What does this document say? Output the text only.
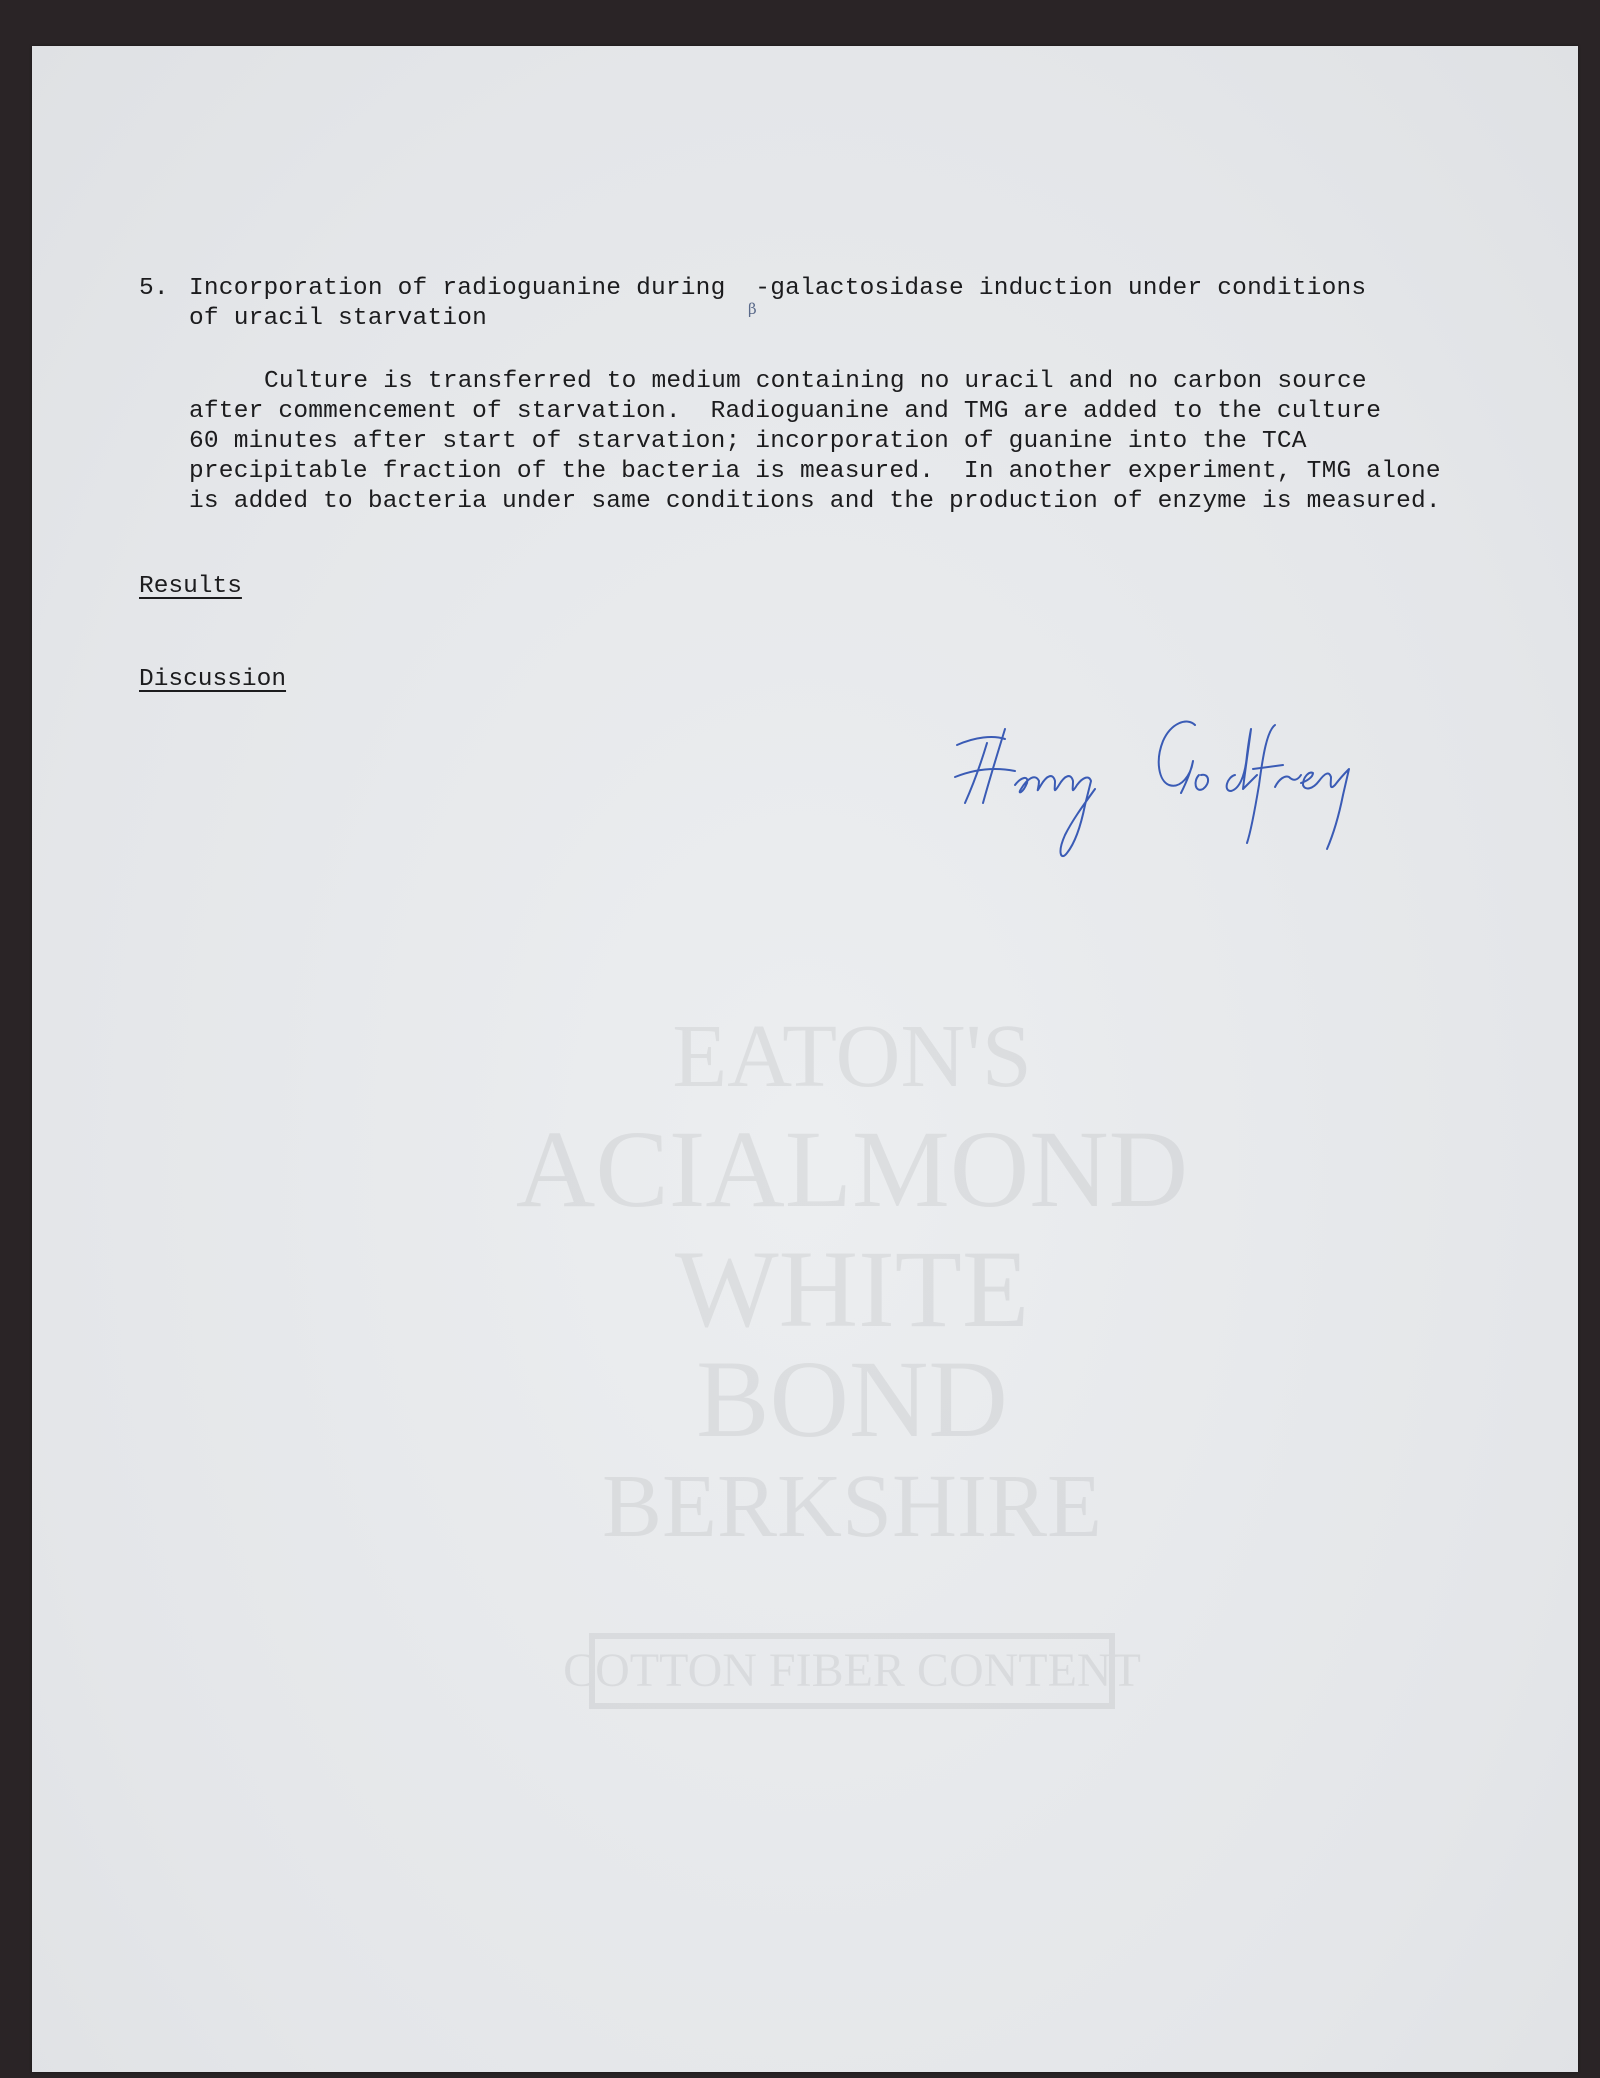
EATON'S
ACIALMOND
WHITE
BOND
BERKSHIRE
COTTON FIBER CONTENT
5. Incorporation of radioguanine during  -galactosidase induction under conditions
β
of uracil starvation
Culture is transferred to medium containing no uracil and no carbon source
after commencement of starvation.  Radioguanine and TMG are added to the culture
60 minutes after start of starvation; incorporation of guanine into the TCA
precipitable fraction of the bacteria is measured.  In another experiment, TMG alone
is added to bacteria under same conditions and the production of enzyme is measured.
Results
Discussion
